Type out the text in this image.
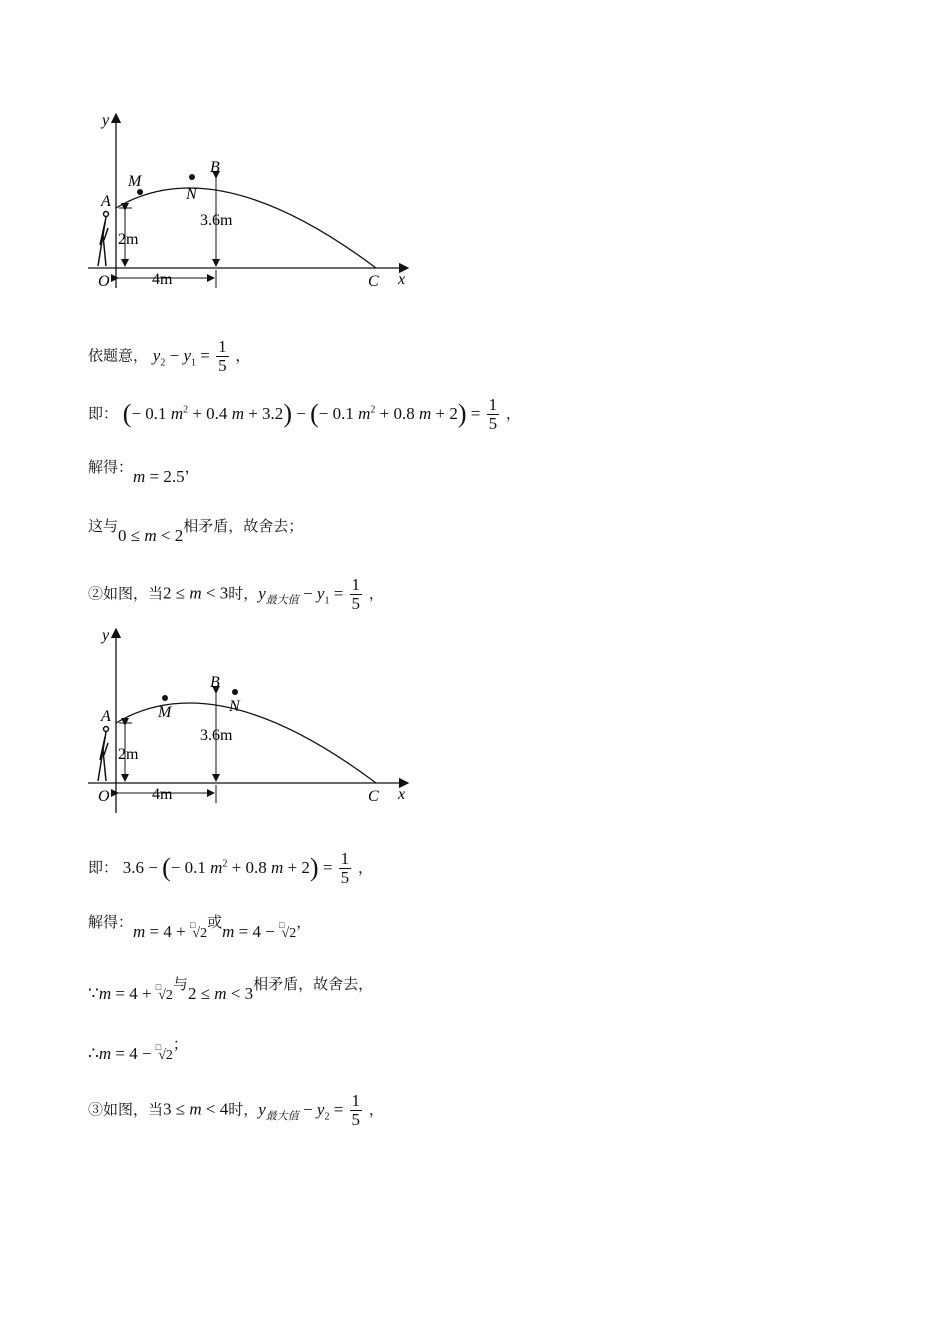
y
M
B
N
A
3.6m
2m
O	4m	C x
依题意， $y_2 - y_1 = \frac{1}{5}$ ，
即： (− 0.1 $m^2 + 0.4$ m + 3.2) − (− 0.1 $m^2 + 0.8$ $m + 2) = \frac{1}{5}$ ，
解得：m = 2.5，
这与0 ≤ m < 2相矛盾，故舍去；
②如图，当2 ≤ m < 3时，$y_{最大值} - y_1 = \frac{1}{5}$ ，
y
M
B
N
A
3.6m
2m
O	4m	C x
即： 3.6 − (− 0.1 $m^2 + 0.8$ $m + 2) = \frac{1}{5}$ ，
解得：m = 4 + □√2或m = 4 − □√2，
∵m = 4 + □√2与2 ≤ m < 3相矛盾，故舍去，
∴m = 4 − □√2；
③如图，当3 ≤ m < 4时，$y_{最大值} - y_2 = \frac{1}{5}$ ，
